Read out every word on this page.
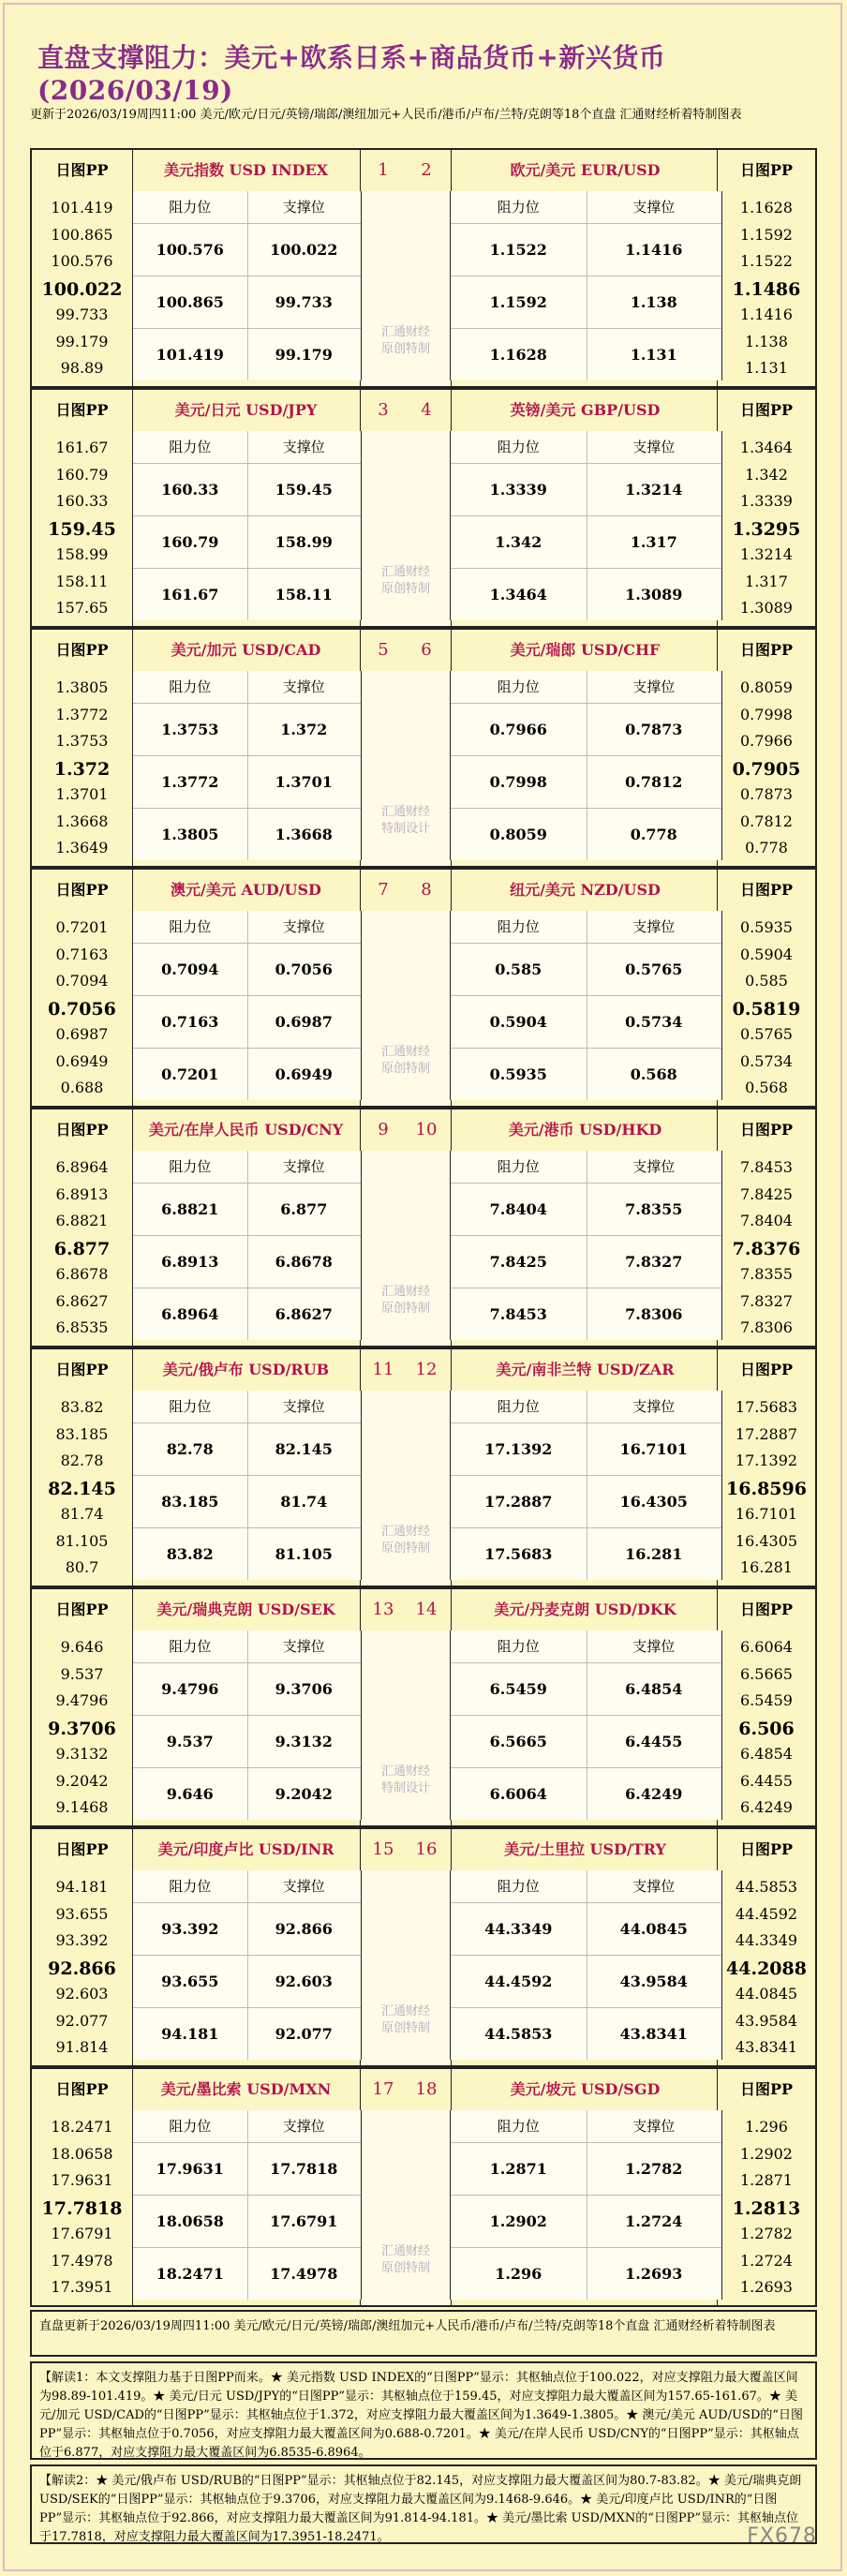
直盘支撑阻力：美元+欧系日系+商品货币+新兴货币(2026/03/19)
更新于2026/03/19周四11:00 美元/欧元/日元/英镑/瑞郎/澳纽加元+人民币/港币/卢布/兰特/克朗等18个直盘 汇通财经析着特制图表
日图PP
101.419
100.865
100.576
100.022
99.733
99.179
98.89
日图PP
1.1628
1.1592
1.1522
1.1486
1.1416
1.138
1.131
1	2
汇通财经
原创特制
美元指数 USD INDEX	欧元/美元 EUR/USD
阻力位	支撑位
100.576	100.022
100.865	99.733
101.419	99.179
阻力位	支撑位
1.1522	1.1416
1.1592	1.138
1.1628	1.131
日图PP
161.67
160.79
160.33
159.45
158.99
158.11
157.65
日图PP
1.3464
1.342
1.3339
1.3295
1.3214
1.317
1.3089
3	4
汇通财经
原创特制
美元/日元 USD/JPY	英镑/美元 GBP/USD
阻力位	支撑位
160.33	159.45
160.79	158.99
161.67	158.11
阻力位	支撑位
1.3339	1.3214
1.342	1.317
1.3464	1.3089
日图PP
1.3805
1.3772
1.3753
1.372
1.3701
1.3668
1.3649
日图PP
0.8059
0.7998
0.7966
0.7905
0.7873
0.7812
0.778
5	6
汇通财经
特制设计
美元/加元 USD/CAD	美元/瑞郎 USD/CHF
阻力位	支撑位
1.3753	1.372
1.3772	1.3701
1.3805	1.3668
阻力位	支撑位
0.7966	0.7873
0.7998	0.7812
0.8059	0.778
日图PP
0.7201
0.7163
0.7094
0.7056
0.6987
0.6949
0.688
日图PP
0.5935
0.5904
0.585
0.5819
0.5765
0.5734
0.568
7	8
汇通财经
原创特制
澳元/美元 AUD/USD	纽元/美元 NZD/USD
阻力位	支撑位
0.7094	0.7056
0.7163	0.6987
0.7201	0.6949
阻力位	支撑位
0.585	0.5765
0.5904	0.5734
0.5935	0.568
日图PP
6.8964
6.8913
6.8821
6.877
6.8678
6.8627
6.8535
日图PP
7.8453
7.8425
7.8404
7.8376
7.8355
7.8327
7.8306
9	10
汇通财经
原创特制
美元/在岸人民币 USD/CNY	美元/港币 USD/HKD
阻力位	支撑位
6.8821	6.877
6.8913	6.8678
6.8964	6.8627
阻力位	支撑位
7.8404	7.8355
7.8425	7.8327
7.8453	7.8306
日图PP
83.82
83.185
82.78
82.145
81.74
81.105
80.7
日图PP
17.5683
17.2887
17.1392
16.8596
16.7101
16.4305
16.281
11	12
汇通财经
原创特制
美元/俄卢布 USD/RUB	美元/南非兰特 USD/ZAR
阻力位	支撑位
82.78	82.145
83.185	81.74
83.82	81.105
阻力位	支撑位
17.1392	16.7101
17.2887	16.4305
17.5683	16.281
日图PP
9.646
9.537
9.4796
9.3706
9.3132
9.2042
9.1468
日图PP
6.6064
6.5665
6.5459
6.506
6.4854
6.4455
6.4249
13	14
汇通财经
特制设计
美元/瑞典克朗 USD/SEK	美元/丹麦克朗 USD/DKK
阻力位	支撑位
9.4796	9.3706
9.537	9.3132
9.646	9.2042
阻力位	支撑位
6.5459	6.4854
6.5665	6.4455
6.6064	6.4249
日图PP
94.181
93.655
93.392
92.866
92.603
92.077
91.814
日图PP
44.5853
44.4592
44.3349
44.2088
44.0845
43.9584
43.8341
15	16
汇通财经
原创特制
美元/印度卢比 USD/INR	美元/土里拉 USD/TRY
阻力位	支撑位
93.392	92.866
93.655	92.603
94.181	92.077
阻力位	支撑位
44.3349	44.0845
44.4592	43.9584
44.5853	43.8341
日图PP
18.2471
18.0658
17.9631
17.7818
17.6791
17.4978
17.3951
日图PP
1.296
1.2902
1.2871
1.2813
1.2782
1.2724
1.2693
17	18
汇通财经
原创特制
美元/墨比索 USD/MXN	美元/坡元 USD/SGD
阻力位	支撑位
17.9631	17.7818
18.0658	17.6791
18.2471	17.4978
阻力位	支撑位
1.2871	1.2782
1.2902	1.2724
1.296	1.2693
直盘更新于2026/03/19周四11:00 美元/欧元/日元/英镑/瑞郎/澳纽加元+人民币/港币/卢布/兰特/克朗等18个直盘 汇通财经析着特制图表
【解读1：本文支撑阻力基于日图PP而来。★ 美元指数 USD INDEX的“日图PP”显示：其枢轴点位于100.022，对应支撑阻力最大覆盖区间为98.89-101.419。★ 美元/日元 USD/JPY的“日图PP”显示：其枢轴点位于159.45，对应支撑阻力最大覆盖区间为157.65-161.67。★ 美元/加元 USD/CAD的“日图PP”显示：其枢轴点位于1.372，对应支撑阻力最大覆盖区间为1.3649-1.3805。★ 澳元/美元 AUD/USD的“日图PP”显示：其枢轴点位于0.7056，对应支撑阻力最大覆盖区间为0.688-0.7201。★ 美元/在岸人民币 USD/CNY的“日图PP”显示：其枢轴点位于6.877，对应支撑阻力最大覆盖区间为6.8535-6.8964。
【解读2：★ 美元/俄卢布 USD/RUB的“日图PP”显示：其枢轴点位于82.145，对应支撑阻力最大覆盖区间为80.7-83.82。★ 美元/瑞典克朗 USD/SEK的“日图PP”显示：其枢轴点位于9.3706，对应支撑阻力最大覆盖区间为9.1468-9.646。★ 美元/印度卢比 USD/INR的“日图PP”显示：其枢轴点位于92.866，对应支撑阻力最大覆盖区间为91.814-94.181。★ 美元/墨比索 USD/MXN的“日图PP”显示：其枢轴点位于17.7818，对应支撑阻力最大覆盖区间为17.3951-18.2471。	FX678
